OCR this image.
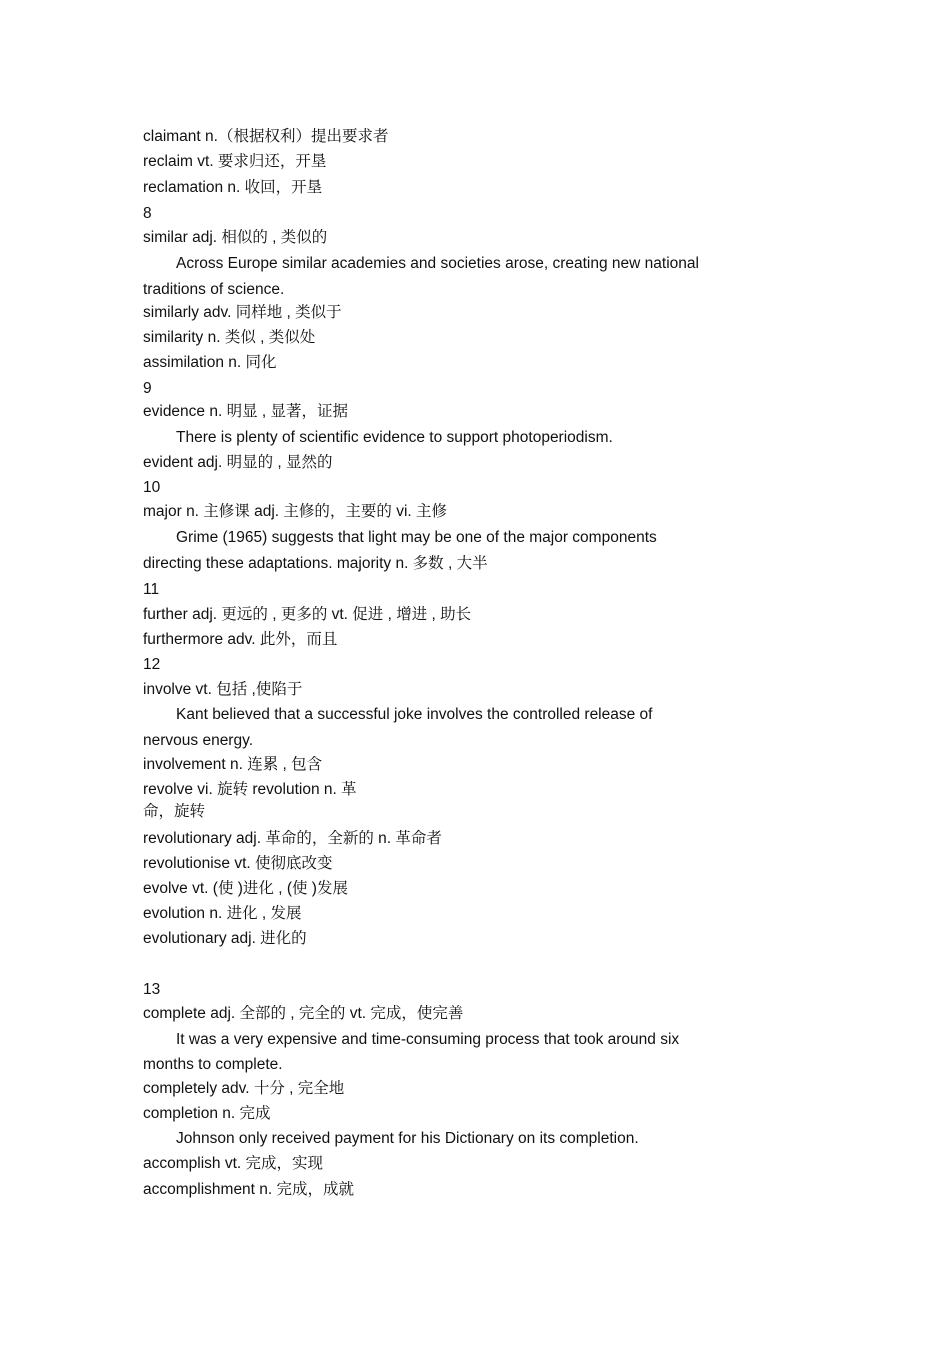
claimant n.（根据权利）提出要求者
reclaim vt. 要求归还，开垦
reclamation n. 收回，开垦
8
similar adj. 相似的 , 类似的
Across Europe similar academies and societies arose, creating new national
traditions of science.
similarly adv. 同样地 , 类似于
similarity n. 类似 , 类似处
assimilation n. 同化
9
evidence n. 明显 , 显著，证据
There is plenty of scientific evidence to support photoperiodism.
evident adj. 明显的 , 显然的
10
major n. 主修课 adj. 主修的，主要的 vi. 主修
Grime (1965) suggests that light may be one of the major components
directing these adaptations. majority n. 多数 , 大半
11
further adj. 更远的 , 更多的 vt. 促进 , 增进 , 助长
furthermore adv. 此外，而且
12
involve vt. 包括 ,使陷于
Kant believed that a successful joke involves the controlled release of
nervous energy.
involvement n. 连累 , 包含
revolve vi. 旋转 revolution n. 革
命，旋转
revolutionary adj. 革命的，全新的 n. 革命者
revolutionise vt. 使彻底改变
evolve vt. (使 )进化 , (使 )发展
evolution n. 进化 , 发展
evolutionary adj. 进化的
13
complete adj. 全部的 , 完全的 vt. 完成，使完善
It was a very expensive and time-consuming process that took around six
months to complete.
completely adv. 十分 , 完全地
completion n. 完成
Johnson only received payment for his Dictionary on its completion.
accomplish vt. 完成，实现
accomplishment n. 完成，成就
